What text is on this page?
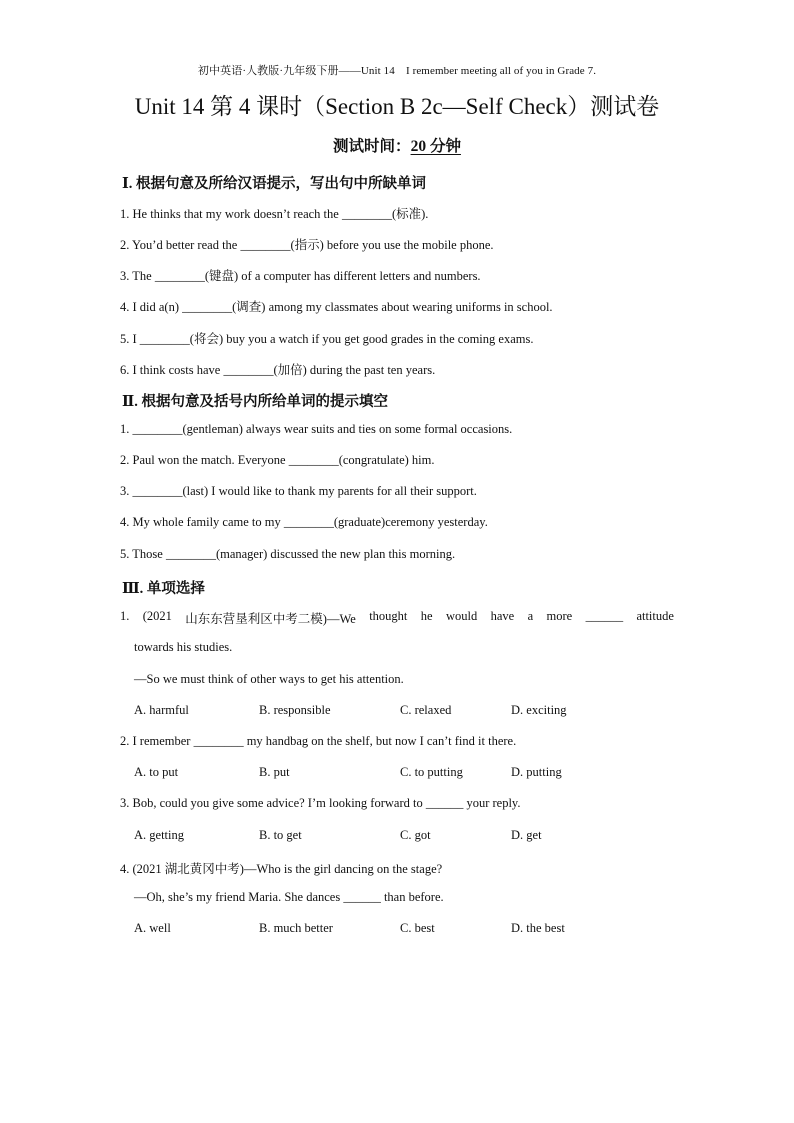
初中英语·人教版·九年级下册——Unit 14　I remember meeting all of you in Grade 7.
Unit 14 第 4 课时（Section B 2c—Self Check）测试卷
测试时间：20 分钟
Ⅰ. 根据句意及所给汉语提示，写出句中所缺单词
1. He thinks that my work doesn’t reach the ________(标准).
2. You’d better read the ________(指示) before you use the mobile phone.
3. The ________(键盘) of a computer has different letters and numbers.
4. I did a(n) ________(调查) among my classmates about wearing uniforms in school.
5. I ________(将会) buy you a watch if you get good grades in the coming exams.
6. I think costs have ________(加倍) during the past ten years.
Ⅱ. 根据句意及括号内所给单词的提示填空
1. ________(gentleman) always wear suits and ties on some formal occasions.
2. Paul won the match. Everyone ________(congratulate) him.
3. ________(last) I would like to thank my parents for all their support.
4. My whole family came to my ________(graduate)ceremony yesterday.
5. Those ________(manager) discussed the new plan this morning.
Ⅲ. 单项选择
1. (2021 山东东营垦利区中考二模)—We thought he would have a more ______ attitude
towards his studies.
—So we must think of other ways to get his attention.
A. harmful	B. responsible	C. relaxed	D. exciting
2. I remember ________ my handbag on the shelf, but now I can’t find it there.
A. to put	B. put	C. to putting	D. putting
3. Bob, could you give some advice? I’m looking forward to ______ your reply.
A. getting	B. to get	C. got	D. get
4. (2021 湖北黄冈中考)—Who is the girl dancing on the stage?
—Oh, she’s my friend Maria. She dances ______ than before.
A. well	B. much better	C. best	D. the best
